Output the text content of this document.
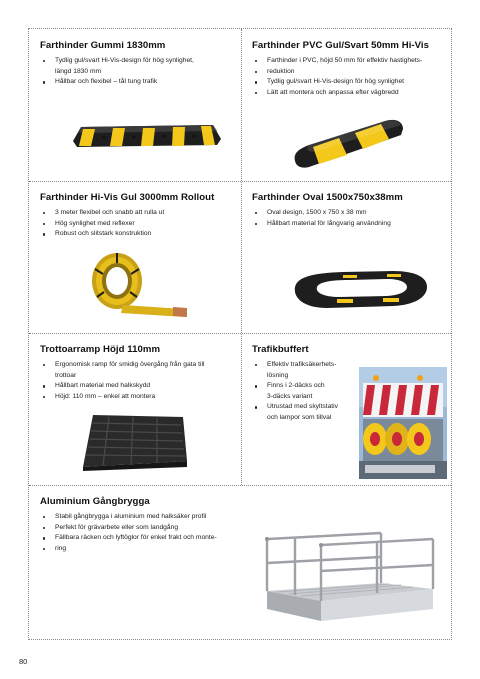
Farthinder Gummi 1830mm
Tydlig gul/svart Hi-Vis-design för hög synlighet,
längd 1830 mm
Hållbar och flexibel – tål tung trafik
Farthinder PVC Gul/Svart 50mm Hi-Vis
Farthinder i PVC, höjd 50 mm för effektiv hastighets-
reduktion
Tydlig gul/svart Hi-Vis-design för hög synlighet
Lätt att montera och anpassa efter vägbredd
Farthinder Hi-Vis Gul 3000mm Rollout
3 meter flexibel och snabb att rulla ut
Hög synlighet med reflexer
Robust och slitstark konstruktion
Farthinder Oval 1500x750x38mm
Oval design, 1500 x 750 x 38 mm
Hållbart material för långvarig användning
Trottoarramp Höjd 110mm
Ergonomisk ramp för smidig övergång från gata till
trottoar
Hållbart material med halkskydd
Höjd: 110 mm – enkel att montera
Trafikbuffert
Effektiv trafiksäkerhets-
lösning
Finns i 2-däcks och
3-däcks variant
Utrustad med skyltstativ
och lampor som tillval
Aluminium Gångbrygga
Stabil gångbrygga i aluminium med halksäker profil
Perfekt för grävarbete eller som landgång
Fällbara räcken och lyftöglor för enkel frakt och monte-
ring
80
